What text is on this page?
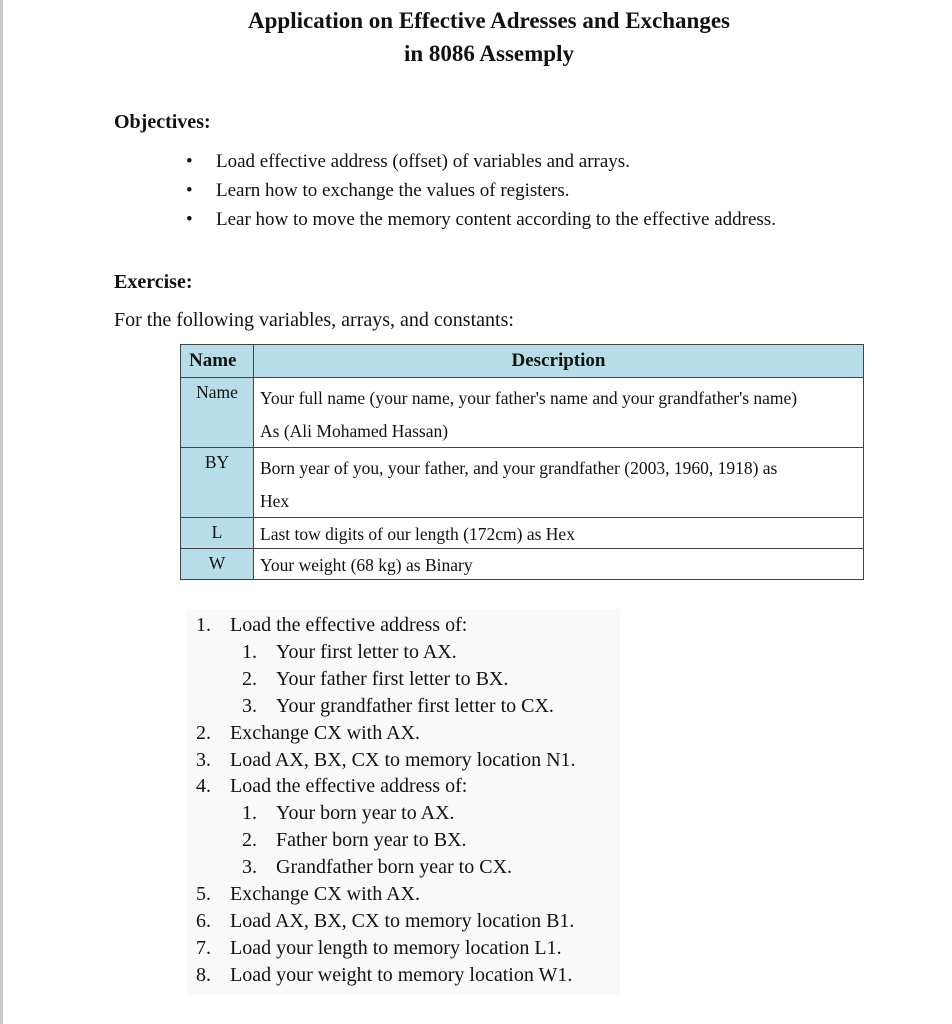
Application on Effective Adresses and Exchanges
in 8086 Assemply
Objectives:
• Load effective address (offset) of variables and arrays.
• Learn how to exchange the values of registers.
• Lear how to move the memory content according to the effective address.
Exercise:
For the following variables, arrays, and constants:
Name	Description
Name	Your full name (your name, your father's name and your grandfather's name)
As (Ali Mohamed Hassan)

BY	Born year of you, your father, and your grandfather (2003, 1960, 1918) as
Hex

L	Last tow digits of our length (172cm) as Hex

W	Your weight (68 kg) as Binary
1. Load the effective address of:
1. Your first letter to AX.
2. Your father first letter to BX.
3. Your grandfather first letter to CX.
2. Exchange CX with AX.
3. Load AX, BX, CX to memory location N1.
4. Load the effective address of:
1. Your born year to AX.
2. Father born year to BX.
3. Grandfather born year to CX.
5. Exchange CX with AX.
6. Load AX, BX, CX to memory location B1.
7. Load your length to memory location L1.
8. Load your weight to memory location W1.
